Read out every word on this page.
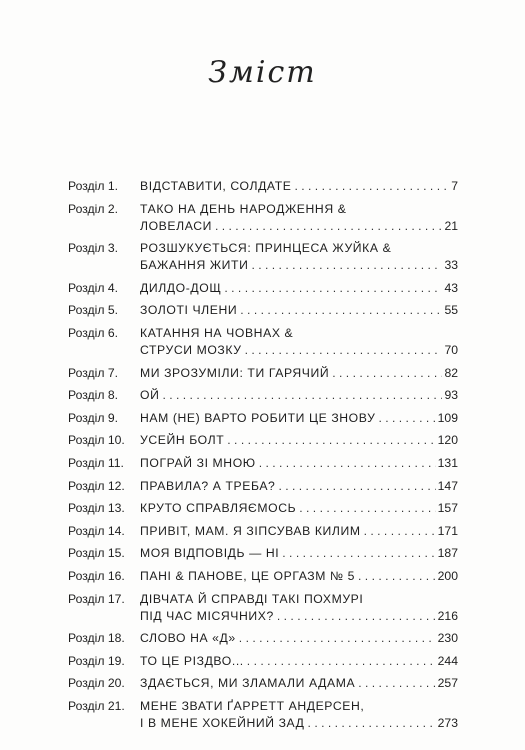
Зміст
Розділ 1.	ВІДСТАВИТИ, СОЛДАТЕ . . .	7
Розділ 2.	ТАКО НА ДЕНЬ НАРОДЖЕННЯ &
ЛОВЕЛАСИ . . .	21
Розділ 3.	РОЗШУКУЄТЬСЯ: ПРИНЦЕСА ЖУЙКА &
БАЖАННЯ ЖИТИ . . .	33
Розділ 4.	ДИЛДО-ДОЩ . . .	43
Розділ 5.	ЗОЛОТІ ЧЛЕНИ . . .	55
Розділ 6.	КАТАННЯ НА ЧОВНАХ &
СТРУСИ МОЗКУ . . .	70
Розділ 7.	МИ ЗРОЗУМІЛИ: ТИ ГАРЯЧИЙ . . .	82
Розділ 8.	ОЙ . . .	93
Розділ 9.	НАМ (НЕ) ВАРТО РОБИТИ ЦЕ ЗНОВУ . . .	109
Розділ 10.	УСЕЙН БОЛТ . . .	120
Розділ 11.	ПОГРАЙ ЗІ МНОЮ . . .	131
Розділ 12.	ПРАВИЛА? А ТРЕБА? . . .	147
Розділ 13.	КРУТО СПРАВЛЯЄМОСЬ . . .	157
Розділ 14.	ПРИВІТ, МАМ. Я ЗІПСУВАВ КИЛИМ . . .	171
Розділ 15.	МОЯ ВІДПОВІДЬ — НІ . . .	187
Розділ 16.	ПАНІ & ПАНОВЕ, ЦЕ ОРГАЗМ № 5 . . .	200
Розділ 17.	ДІВЧАТА Й СПРАВДІ ТАКІ ПОХМУРІ
ПІД ЧАС МІСЯЧНИХ? . . .	216
Розділ 18.	СЛОВО НА «Д» . . .	230
Розділ 19.	ТО ЦЕ РІЗДВО... . . .	244
Розділ 20.	ЗДАЄТЬСЯ, МИ ЗЛАМАЛИ АДАМА . . .	257
Розділ 21.	МЕНЕ ЗВАТИ ҐАРРЕТТ АНДЕРСЕН,
І В МЕНЕ ХОКЕЙНИЙ ЗАД . . .	273
